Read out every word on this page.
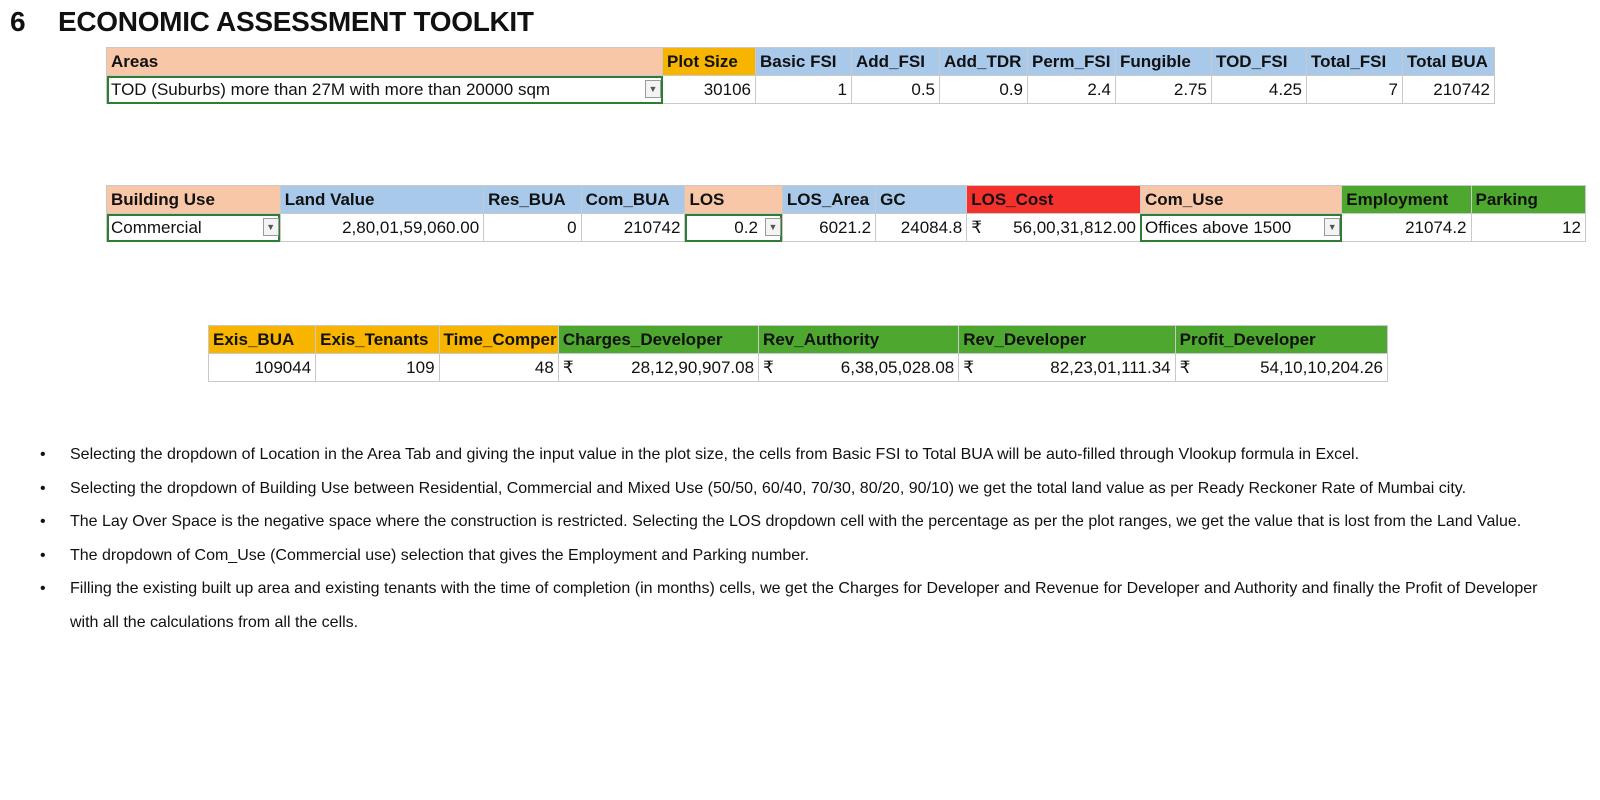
6 ECONOMIC ASSESSMENT TOOLKIT
Areas	Plot Size	Basic FSI	Add_FSI	Add_TDR	Perm_FSI	Fungible	TOD_FSI	Total_FSI	Total BUA
TOD (Suburbs) more than 27M with more than 20000 sqm ▼	30106	1	0.5	0.9	2.4	2.75	4.25	7	210742
Building Use	Land Value	Res_BUA	Com_BUA	LOS	LOS_Area	GC	LOS_Cost	Com_Use	Employment	Parking
Commercial ▼	2,80,01,59,060.00	0	210742	0.2 ▼	6021.2	24084.8	₹ 56,00,31,812.00	Offices above 1500 ▼	21074.2	12
Exis_BUA	Exis_Tenants	Time_Comper	Charges_Developer	Rev_Authority	Rev_Developer	Profit_Developer
109044	109	48	₹ 28,12,90,907.08	₹ 6,38,05,028.08	₹ 82,23,01,111.34	₹ 54,10,10,204.26
• Selecting the dropdown of Location in the Area Tab and giving the input value in the plot size, the cells from Basic FSI to Total BUA will be auto-filled through Vlookup formula in Excel.
• Selecting the dropdown of Building Use between Residential, Commercial and Mixed Use (50/50, 60/40, 70/30, 80/20, 90/10) we get the total land value as per Ready Reckoner Rate of Mumbai city.
• The Lay Over Space is the negative space where the construction is restricted. Selecting the LOS dropdown cell with the percentage as per the plot ranges, we get the value that is lost from the Land Value.
• The dropdown of Com_Use (Commercial use) selection that gives the Employment and Parking number.
• Filling the existing built up area and existing tenants with the time of completion (in months) cells, we get the Charges for Developer and Revenue for Developer and Authority and finally the Profit of Developer with all the calculations from all the cells.
